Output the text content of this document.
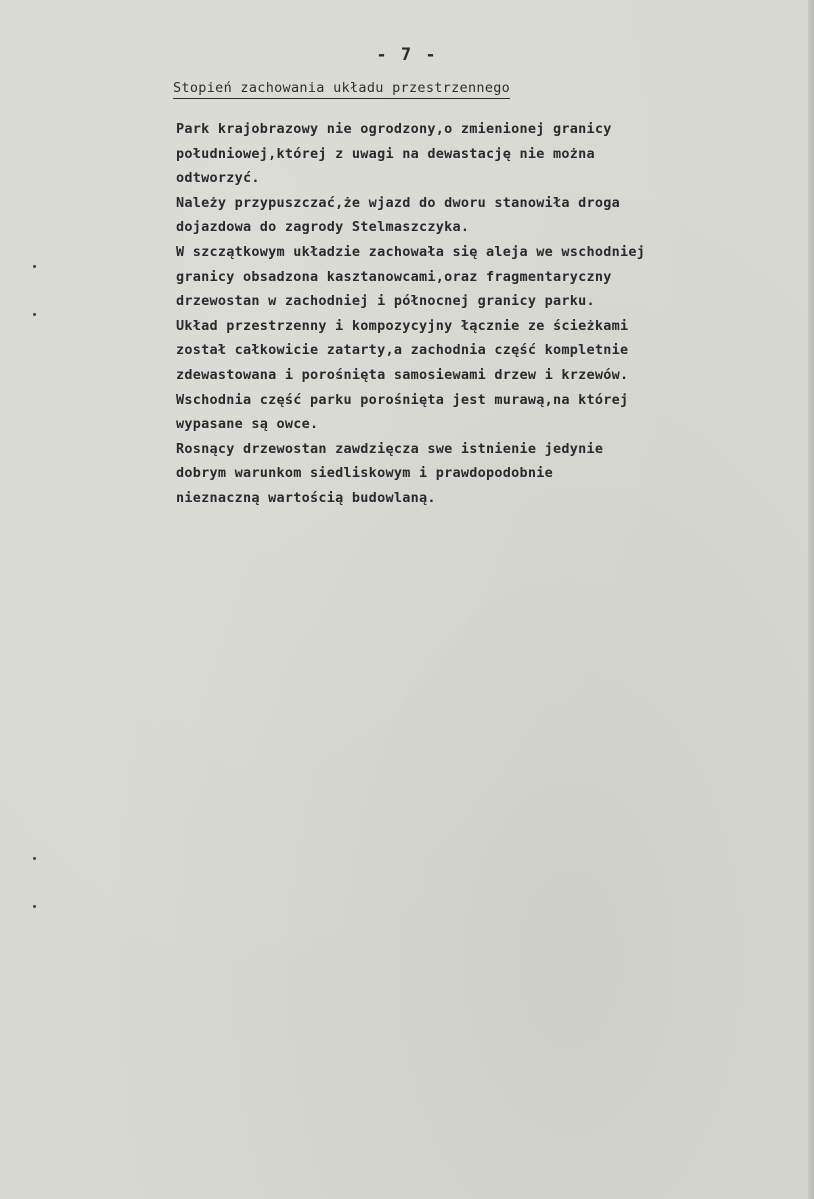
- 7 -
Stopień zachowania układu przestrzennego
Park krajobrazowy nie ogrodzony,o zmienionej granicy
południowej,której z uwagi na dewastację nie można
odtworzyć.
Należy przypuszczać,że wjazd do dworu stanowiła droga
dojazdowa do zagrody Stelmaszczyka.
W szczątkowym układzie zachowała się aleja we wschodniej
granicy obsadzona kasztanowcami,oraz fragmentaryczny
drzewostan w zachodniej i północnej granicy parku.
Układ przestrzenny i kompozycyjny łącznie ze ścieżkami
został całkowicie zatarty,a zachodnia część kompletnie
zdewastowana i porośnięta samosiewami drzew i krzewów.
Wschodnia część parku porośnięta jest murawą,na której
wypasane są owce.
Rosnący drzewostan zawdzięcza swe istnienie jedynie
dobrym warunkom siedliskowym i prawdopodobnie
nieznaczną wartością budowlaną.
